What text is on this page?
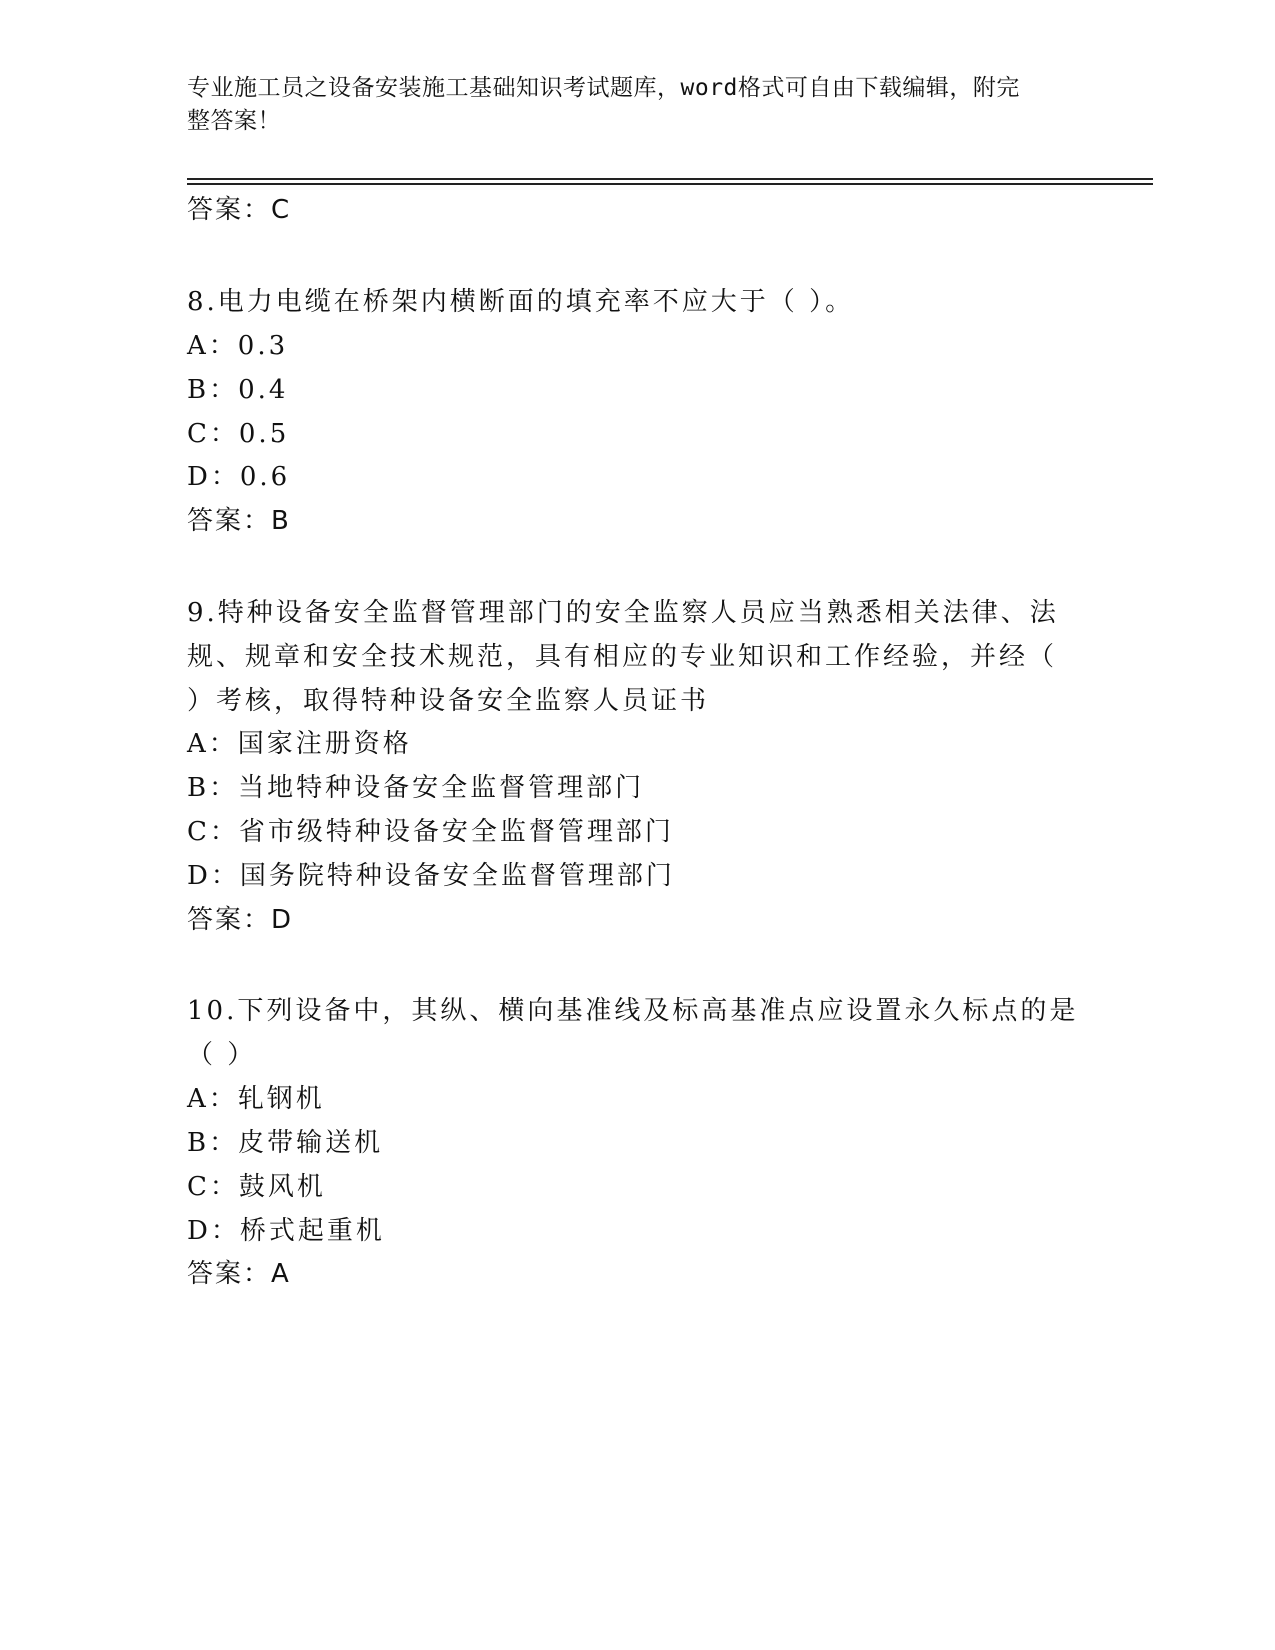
专业施工员之设备安装施工基础知识考试题库，word格式可自由下载编辑，附完
整答案！
答案：C
8.电力电缆在桥架内横断面的填充率不应大于（ ）。
A：0.3
B：0.4
C：0.5
D：0.6
答案：B
9.特种设备安全监督管理部门的安全监察人员应当熟悉相关法律、法
规、规章和安全技术规范，具有相应的专业知识和工作经验，并经（
）考核，取得特种设备安全监察人员证书
A：国家注册资格
B：当地特种设备安全监督管理部门
C：省市级特种设备安全监督管理部门
D：国务院特种设备安全监督管理部门
答案：D
10.下列设备中，其纵、横向基准线及标高基准点应设置永久标点的是
（ ）
A：轧钢机
B：皮带输送机
C：鼓风机
D：桥式起重机
答案：A
